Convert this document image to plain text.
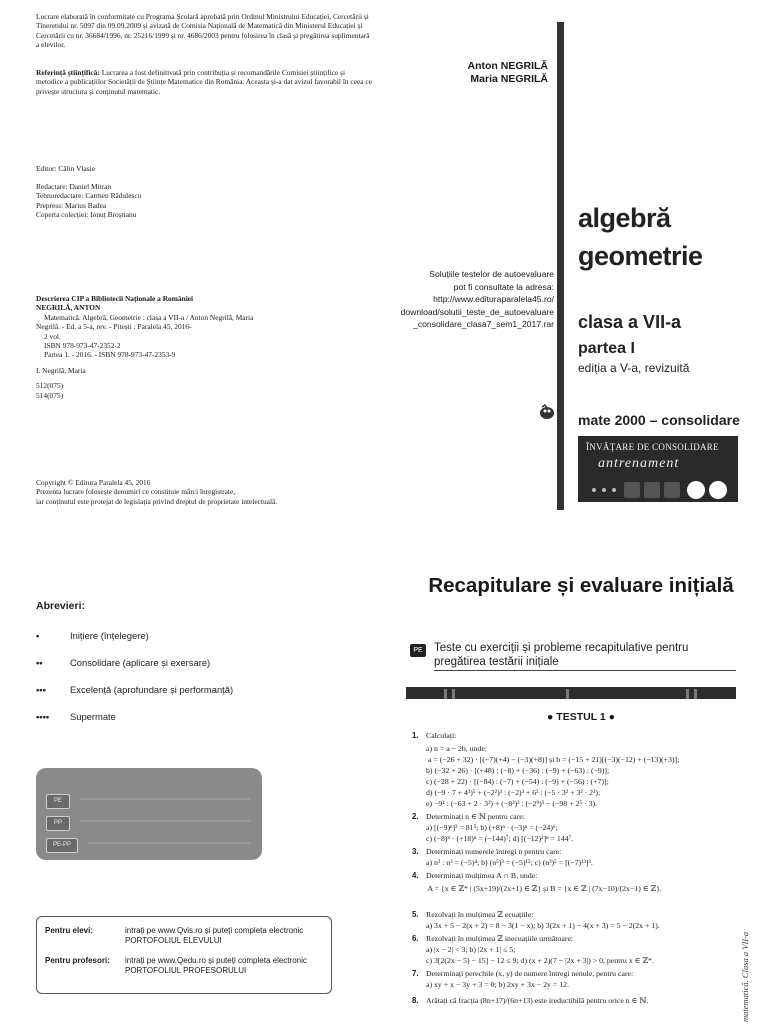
Lucrare elaborată în conformitate cu Programa Școlară aprobată prin Ordinul Ministrului Educației, Cercetării și Tineretului nr. 5097 din 09.09.2009 și avizată de Comisia Națională de Matematică din Ministerul Educației și Cercetării cu nr. 36684/1996, nr. 25216/1999 și nr. 4686/2003 pentru folosirea în clasă și pregătirea suplimentară a elevilor.
Referință științifică: Lucrarea a fost definitivată prin contribuția și recomandările Comisiei științifice și metodice a publicațiilor Societății de Științe Matematice din România. Aceasta și-a dat avizul favorabil în ceea ce privește structura și conținutul matematic.
Editor: Călin Vlasie
Redactare: Daniel Mitran
Tehnoredactare: Carmen Rădulescu
Prepress: Marius Badea
Coperta colecției: Ionuț Broștianu
Descrierea CIP a Bibliotecii Naționale a României
NEGRILĂ, ANTON
Matematică. Algebră, Geometrie : clasa a VII-a / Anton Negrilă, Maria
Negrilă. - Ed. a 5-a, rev. - Pitești : Paralela 45, 2016-
2 vol.
ISBN 978-973-47-2352-2
Partea 1. - 2016. - ISBN 978-973-47-2353-9
I. Negrilă, Maria
512(075)
514(075)
Copyright © Editura Paralela 45, 2016
Prezenta lucrare folosește denumiri ce constituie mărci înregistrate,
iar conținutul este protejat de legislația privind dreptul de proprietate intelectuală.
Anton NEGRILĂ
Maria NEGRILĂ
Soluțiile testelor de autoevaluare
pot fi consultate la adresa:
http://www.edituraparalela45.ro/
download/solutii_teste_de_autoevaluare
_consolidare_clasa7_sem1_2017.rar
algebră
geometrie
clasa a VII-a
partea I
ediția a V-a, revizuită
mate 2000 – consolidare
ÎNVĂȚARE DE CONSOLIDARE
antrenament
Abrevieri:
•	Inițiere (înțelegere)
••	Consolidare (aplicare și exersare)
•••	Excelență (aprofundare și performanță)
•••• Supermate
PE
PP
PE-PP
Pentru elevi:	intrați pe www.Qvis.ro și puteți completa electronic
PORTOFOLIUL ELEVULUI
Pentru profesori: intrați pe www.Qedu.ro și puteți completa electronic
PORTOFOLIUL PROFESORULUI
Recapitulare și evaluare inițială
PE Teste cu exerciții și probleme recapitulative pentru
pregătirea testării inițiale
● TESTUL 1 ●
1. Calculați:
a) n = a − 2b, unde:
a = (−26 + 32) · [(−7)(+4) − (−3)(+8)] și b = (−15 + 21)[(−3)(−12) + (−13)(+3)];
b) (−32 + 26) · [(+48) : (−8) + (−36) : (−9) + (−63) : (−9)];
c) (−28 + 22) · [(−84) : (−7) + (−54) : (−9) + (−56) : (+7)];
d) (−9 · 7 + 4³)⁵ + (−2²)³ : (−2)³ + 6² : (−5 · 3² + 3² · 2²);
e) −9² : (−63 + 2 · 3²) + (−8³)³ : (−2⁹)³ − (−98 + 2⁵ · 3).
2. Determinați n ∈ ℕ pentru care:
a) [(−9)ⁿ]² = 81⁵; b) (+8)ⁿ · (−3)ⁿ = (−24)⁶;
c) (−8)ⁿ · (+18)ⁿ = (−144)⁷; d) [(−12)²]ⁿ = 144⁷.
3. Determinați numerele întregi n pentru care:
a) n³ : n³ = (−5)⁴; b) (n⁵)³ = (−5)¹⁵; c) (n³)⁵ = [(−7)¹³]³.
4. Determinați mulțimea A ∩ B, unde:
A = {x ∈ ℤ* | (5x+19)/(2x+1) ∈ ℤ} și B = {x ∈ ℤ | (7x−10)/(2x−1) ∈ ℤ}.
5. Rezolvați în mulțimea ℤ ecuațiile:
a) 3x + 5 − 2(x + 2) = 8 − 3(1 − x); b) 3(2x + 1) − 4(x + 3) = 5 − 2(2x + 1).
6. Rezolvați în mulțimea ℤ inecuațiile următoare:
a) |x − 2| < 3; b) |2x + 1| ≤ 5;
c) 3[2(2x − 5) − 15] − 12 ≤ 9; d) (x + 2)(7 − |2x + 3|) > 0, pentru x ∈ ℤ*.
7. Determinați perechile (x, y) de numere întregi nenule, pentru care:
a) xy + x − 3y + 3 = 0; b) 2xy + 3x − 2y = 12.
8. Arătați că fracția (8n+17)/(6n+13) este ireductibilă pentru orice n ∈ ℕ.	matematică. Clasa a VII-a
